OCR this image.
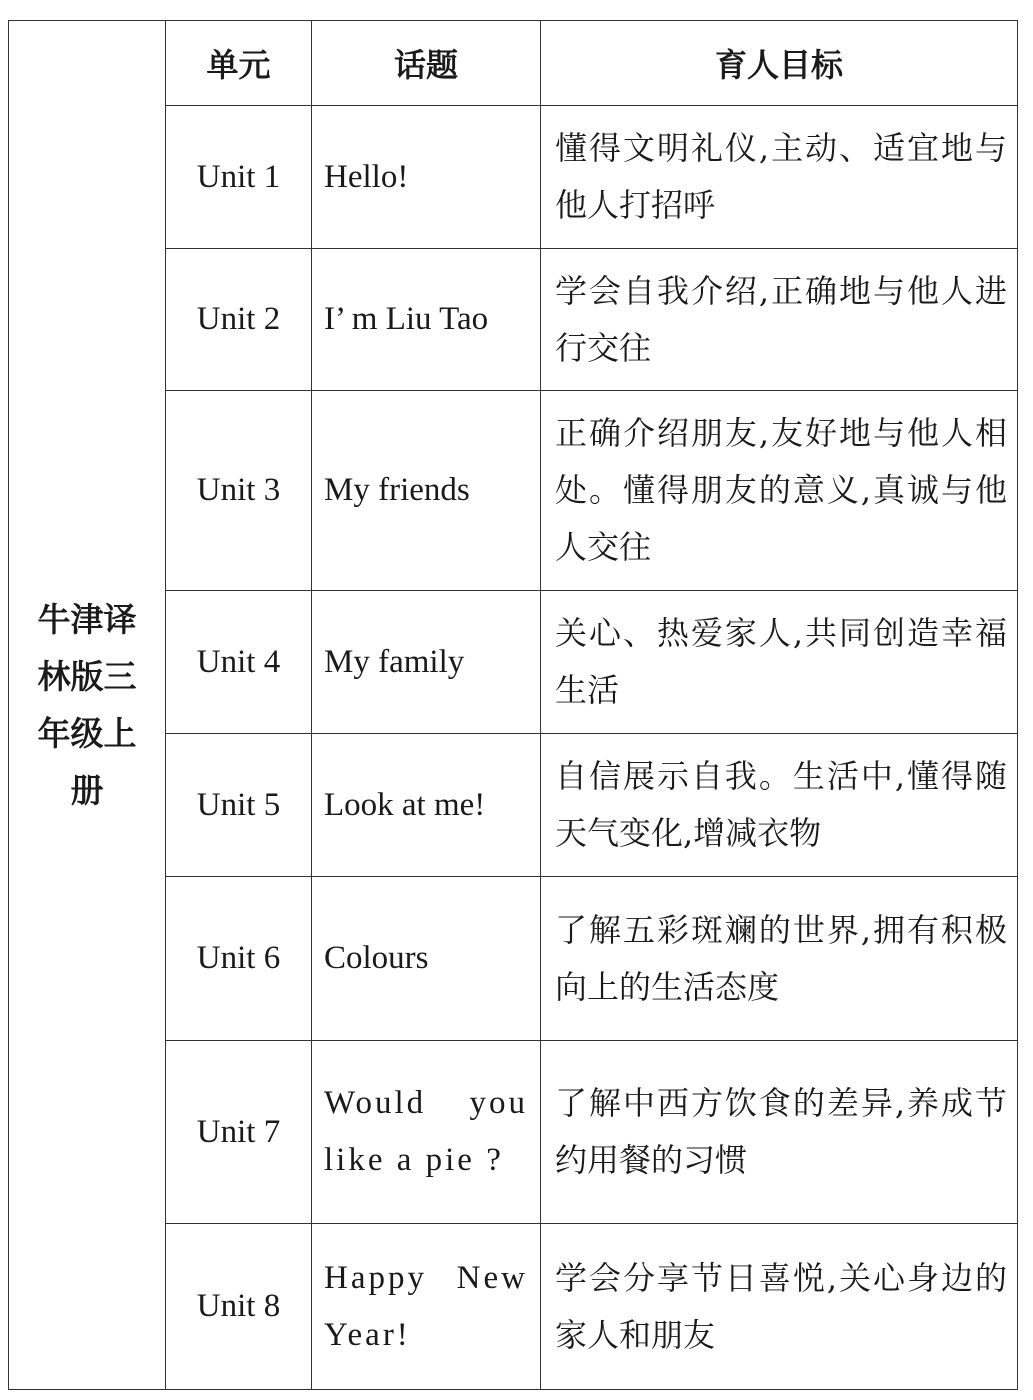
牛津译林版三年级上册	单元	话题	育人目标
	Unit 1	Hello!	懂得文明礼仪,主动、适宜地与他人打招呼
	Unit 2	I’ m Liu Tao	学会自我介绍,正确地与他人进行交往
	Unit 3	My friends	正确介绍朋友,友好地与他人相处。懂得朋友的意义,真诚与他人交往
	Unit 4	My family	关心、热爱家人,共同创造幸福生活
	Unit 5	Look at me!	自信展示自我。生活中,懂得随天气变化,增减衣物
	Unit 6	Colours	了解五彩斑斓的世界,拥有积极向上的生活态度
	Unit 7	Would you like a pie ?	了解中西方饮食的差异,养成节约用餐的习惯
	Unit 8	Happy New Year!	学会分享节日喜悦,关心身边的家人和朋友
